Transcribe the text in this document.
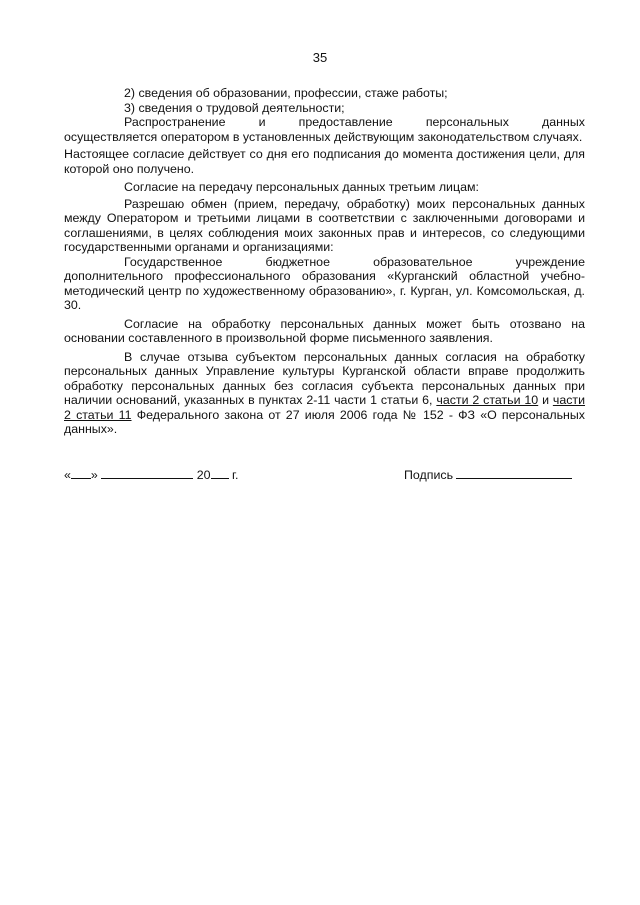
35

2) сведения об образовании, профессии, стаже работы;

3) сведения о трудовой деятельности;

Распространение	и	предоставление	персональных	данных

осуществляется оператором в установленных действующим законодательством случаях.

Настоящее согласие действует со дня его подписания до момента достижения цели, для которой оно получено.

Согласие на передачу персональных данных третьим лицам:

Разрешаю обмен (прием, передачу, обработку) моих персональных данных между Оператором и третьими лицами в соответствии с заключенными договорами и соглашениями, в целях соблюдения моих законных прав и интересов, со следующими государственными органами и организациями:

Государственное	бюджетное	образовательное	учреждение

дополнительного профессионального образования «Курганский областной учебно-методический центр по художественному образованию», г. Курган, ул. Комсомольская, д. 30.

Согласие на обработку персональных данных может быть отозвано на основании составленного в произвольной форме письменного заявления.

В случае отзыва субъектом персональных данных согласия на обработку персональных данных Управление культуры Курганской области вправе продолжить обработку персональных данных без согласия субъекта персональных данных при наличии оснований, указанных в пунктах 2-11 части 1 статьи 6, части 2 статьи 10 и части 2 статьи 11 Федерального закона от 27 июля 2006 года № 152 - ФЗ «О персональных данных».

« »	20 г.	Подпись
